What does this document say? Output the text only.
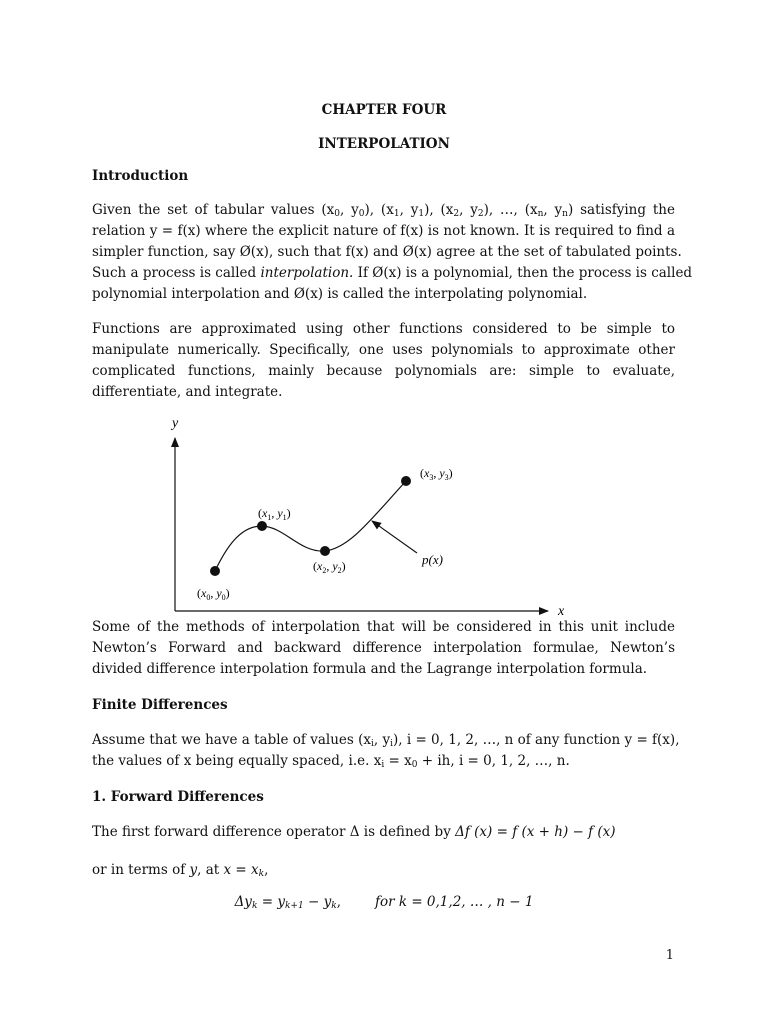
CHAPTER FOUR
INTERPOLATION
Introduction
Given the set of tabular values ($x_0$, $y_0$), ($x_1$, $y_1$), ($x_2$, $y_2$), …, ($x_n$, $y_n$) satisfying the
relation y = f(x) where the explicit nature of f(x) is not known. It is required to find a
simpler function, say Ø(x), such that f(x) and Ø(x) agree at the set of tabulated points.
Such a process is called interpolation. If Ø(x) is a polynomial, then the process is called
polynomial interpolation and Ø(x) is called the interpolating polynomial.
Functions are approximated using other functions considered to be simple to
manipulate numerically. Specifically, one uses polynomials to approximate other
complicated functions, mainly because polynomials are: simple to evaluate,
differentiate, and integrate.
y
x
($x_0$, $y_0$)
($x_1$, $y_1$)
($x_2$, $y_2$)
($x_3$, $y_3$)
p(x)
Some of the methods of interpolation that will be considered in this unit include
Newton’s Forward and backward difference interpolation formulae, Newton’s
divided difference interpolation formula and the Lagrange interpolation formula.
Finite Differences
Assume that we have a table of values ($x_i$, $y_i$), i = 0, 1, 2, …, n of any function y = f(x),
the values of x being equally spaced, i.e. $x_i = x_0$ + ih, i = 0, 1, 2, …, n.
1. Forward Differences
The first forward difference operator Δ is defined by Δf (x) = f (x + h) − f (x)
or in terms of y, at $x = x_k$,
$\Delta y_k = y_{k+1} - y_k$,	for k = 0,1,2, … , n − 1
1
